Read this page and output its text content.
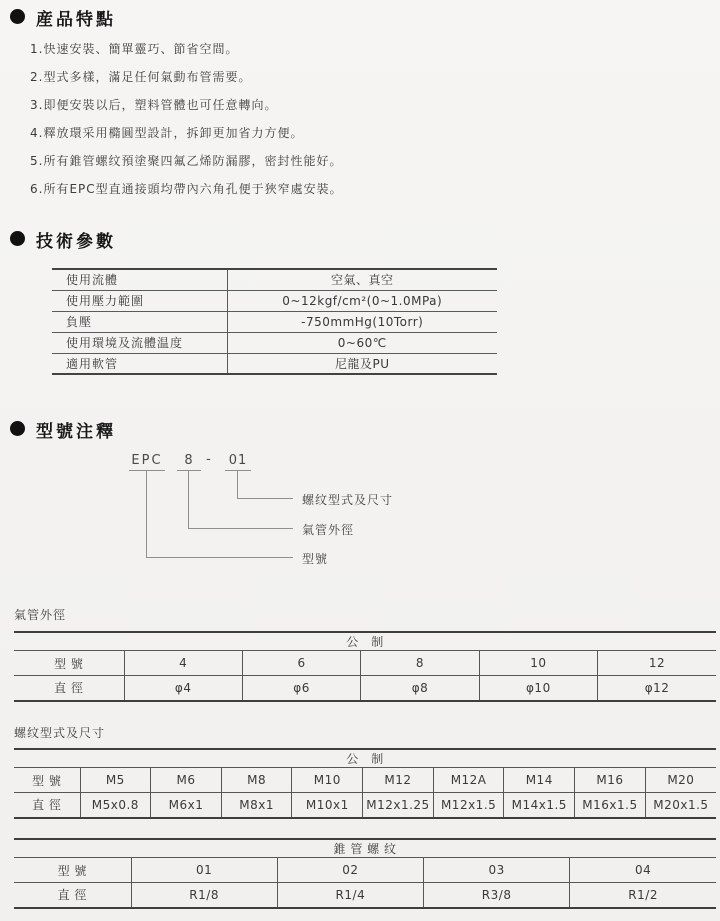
産品特點
1.快速安裝、簡單靈巧、節省空間。
2.型式多樣，滿足任何氣動布管需要。
3.即便安裝以后，塑料管體也可任意轉向。
4.釋放環采用橢圓型設計，拆卸更加省力方便。
5.所有錐管螺纹預塗聚四氟乙烯防漏膠，密封性能好。
6.所有EPC型直通接頭均帶內六角孔便于狹窄處安裝。
技術參數
使用流體	空氣、真空
使用壓力範圍	0~12kgf/cm²(0~1.0MPa)
負壓	-750mmHg(10Torr)
使用環境及流體温度	0~60℃
適用軟管	尼龍及PU
型號注釋
EPC	8 -	01
螺纹型式及尺寸
氣管外徑
型號
氣管外徑
公　制					
型 號	4	6	8	10	12
直 徑	φ4	φ6	φ8	φ10	φ12
螺纹型式及尺寸
公　制									
型 號	M5	M6	M8	M10	M12	M12A	M14	M16	M20
直 徑	M5x0.8	M6x1	M8x1	M10x1	M12x1.25	M12x1.5	M14x1.5	M16x1.5	M20x1.5
錐 管 螺 纹				
型 號	01	02	03	04
直 徑	R1/8	R1/4	R3/8	R1/2
